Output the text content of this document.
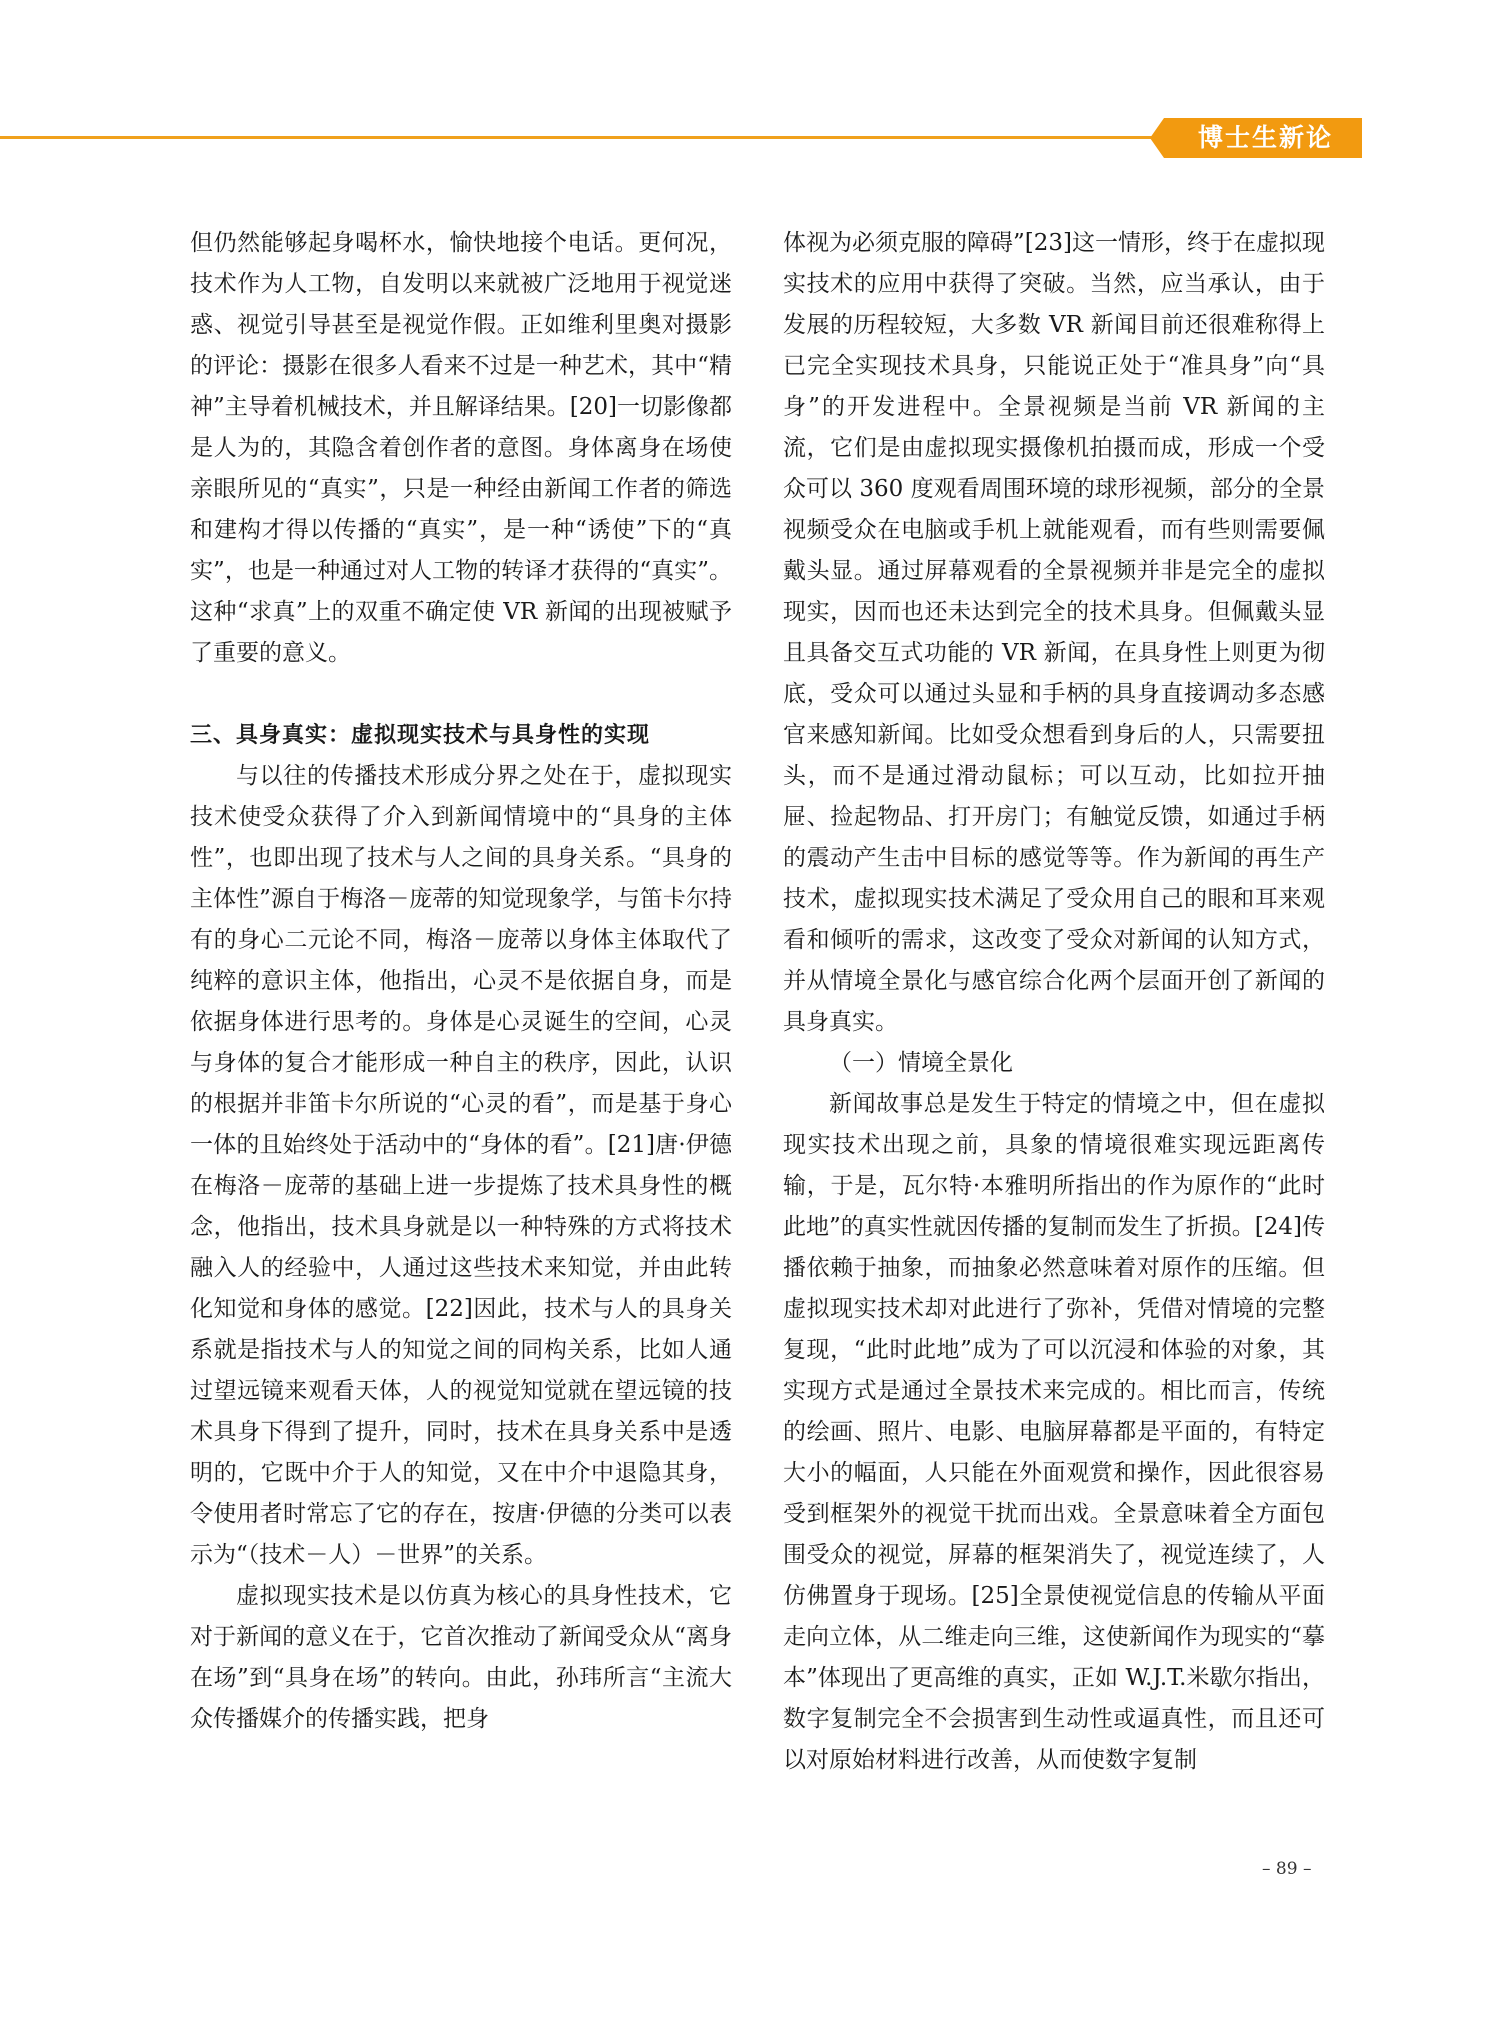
博士生新论

但仍然能够起身喝杯水，愉快地接个电话。更何况，技术作为人工物，自发明以来就被广泛地用于视觉迷惑、视觉引导甚至是视觉作假。正如维利里奥对摄影的评论：摄影在很多人看来不过是一种艺术，其中“精神”主导着机械技术，并且解译结果。[20]一切影像都是人为的，其隐含着创作者的意图。身体离身在场使亲眼所见的“真实”，只是一种经由新闻工作者的筛选和建构才得以传播的“真实”，是一种“诱使”下的“真实”，也是一种通过对人工物的转译才获得的“真实”。这种“求真”上的双重不确定使 VR 新闻的出现被赋予了重要的意义。

三、具身真实：虚拟现实技术与具身性的实现

与以往的传播技术形成分界之处在于，虚拟现实技术使受众获得了介入到新闻情境中的“具身的主体性”，也即出现了技术与人之间的具身关系。“具身的主体性”源自于梅洛－庞蒂的知觉现象学，与笛卡尔持有的身心二元论不同，梅洛－庞蒂以身体主体取代了纯粹的意识主体，他指出，心灵不是依据自身，而是依据身体进行思考的。身体是心灵诞生的空间，心灵与身体的复合才能形成一种自主的秩序，因此，认识的根据并非笛卡尔所说的“心灵的看”，而是基于身心一体的且始终处于活动中的“身体的看”。[21]唐·伊德在梅洛－庞蒂的基础上进一步提炼了技术具身性的概念，他指出，技术具身就是以一种特殊的方式将技术融入人的经验中，人通过这些技术来知觉，并由此转化知觉和身体的感觉。[22]因此，技术与人的具身关系就是指技术与人的知觉之间的同构关系，比如人通过望远镜来观看天体，人的视觉知觉就在望远镜的技术具身下得到了提升，同时，技术在具身关系中是透明的，它既中介于人的知觉，又在中介中退隐其身，令使用者时常忘了它的存在，按唐·伊德的分类可以表示为“（技术－人）－世界”的关系。

虚拟现实技术是以仿真为核心的具身性技术，它对于新闻的意义在于，它首次推动了新闻受众从“离身在场”到“具身在场”的转向。由此，孙玮所言“主流大众传播媒介的传播实践，把身

体视为必须克服的障碍”[23]这一情形，终于在虚拟现实技术的应用中获得了突破。当然，应当承认，由于发展的历程较短，大多数 VR 新闻目前还很难称得上已完全实现技术具身，只能说正处于“准具身”向“具身”的开发进程中。全景视频是当前 VR 新闻的主流，它们是由虚拟现实摄像机拍摄而成，形成一个受众可以 360 度观看周围环境的球形视频，部分的全景视频受众在电脑或手机上就能观看，而有些则需要佩戴头显。通过屏幕观看的全景视频并非是完全的虚拟现实，因而也还未达到完全的技术具身。但佩戴头显且具备交互式功能的 VR 新闻，在具身性上则更为彻底，受众可以通过头显和手柄的具身直接调动多态感官来感知新闻。比如受众想看到身后的人，只需要扭头，而不是通过滑动鼠标；可以互动，比如拉开抽屉、捡起物品、打开房门；有触觉反馈，如通过手柄的震动产生击中目标的感觉等等。作为新闻的再生产技术，虚拟现实技术满足了受众用自己的眼和耳来观看和倾听的需求，这改变了受众对新闻的认知方式，并从情境全景化与感官综合化两个层面开创了新闻的具身真实。

（一）情境全景化

新闻故事总是发生于特定的情境之中，但在虚拟现实技术出现之前，具象的情境很难实现远距离传输，于是，瓦尔特·本雅明所指出的作为原作的“此时此地”的真实性就因传播的复制而发生了折损。[24]传播依赖于抽象，而抽象必然意味着对原作的压缩。但虚拟现实技术却对此进行了弥补，凭借对情境的完整复现，“此时此地”成为了可以沉浸和体验的对象，其实现方式是通过全景技术来完成的。相比而言，传统的绘画、照片、电影、电脑屏幕都是平面的，有特定大小的幅面，人只能在外面观赏和操作，因此很容易受到框架外的视觉干扰而出戏。全景意味着全方面包围受众的视觉，屏幕的框架消失了，视觉连续了，人仿佛置身于现场。[25]全景使视觉信息的传输从平面走向立体，从二维走向三维，这使新闻作为现实的“摹本”体现出了更高维的真实，正如 W.J.T.米歇尔指出，数字复制完全不会损害到生动性或逼真性，而且还可以对原始材料进行改善，从而使数字复制

– 89 –
